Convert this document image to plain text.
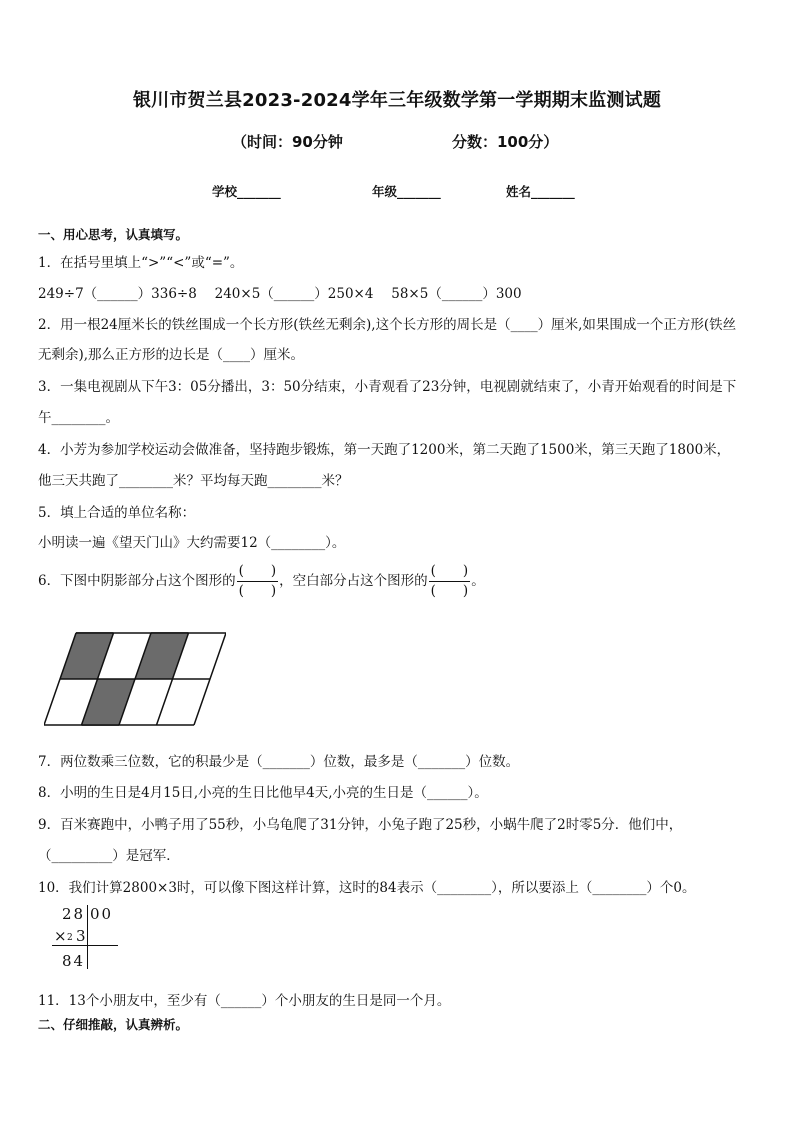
银川市贺兰县2023-2024学年三年级数学第一学期期末监测试题
（时间：90分钟	分数：100分）
学校_______	年级_______	姓名_______
一、用心思考，认真填写。
1．在括号里填上“>”“<”或“=”。
249÷7（______）336÷8　 240×5（______）250×4　 58×5（______）300
2．用一根24厘米长的铁丝围成一个长方形(铁丝无剩余),这个长方形的周长是（____）厘米,如果围成一个正方形(铁丝
无剩余),那么正方形的边长是（____）厘米。
3．一集电视剧从下午3：05分播出，3：50分结束，小青观看了23分钟，电视剧就结束了，小青开始观看的时间是下
午________。
4．小芳为参加学校运动会做准备，坚持跑步锻炼，第一天跑了1200米，第二天跑了1500米，第三天跑了1800米，
他三天共跑了________米？平均每天跑________米？
5．填上合适的单位名称：
小明读一遍《望天门山》大约需要12（________）。
6．下图中阴影部分占这个图形的 $\frac{( )}{( )}$ ，空白部分占这个图形的 $\frac{( )}{( )}$ 。
7．两位数乘三位数，它的积最少是（_______）位数，最多是（_______）位数。
8．小明的生日是4月15日,小亮的生日比他早4天,小亮的生日是（______）。
9．百米赛跑中，小鸭子用了55秒，小乌龟爬了31分钟，小兔子跑了25秒，小蜗牛爬了2时零5分．他们中，
（_________）是冠军．
10．我们计算2800×3时，可以像下图这样计算，这时的84表示（________），所以要添上（________）个0。
28 00
× 2 3
84
11．13个小朋友中，至少有（______）个小朋友的生日是同一个月。
二、仔细推敲，认真辨析。
